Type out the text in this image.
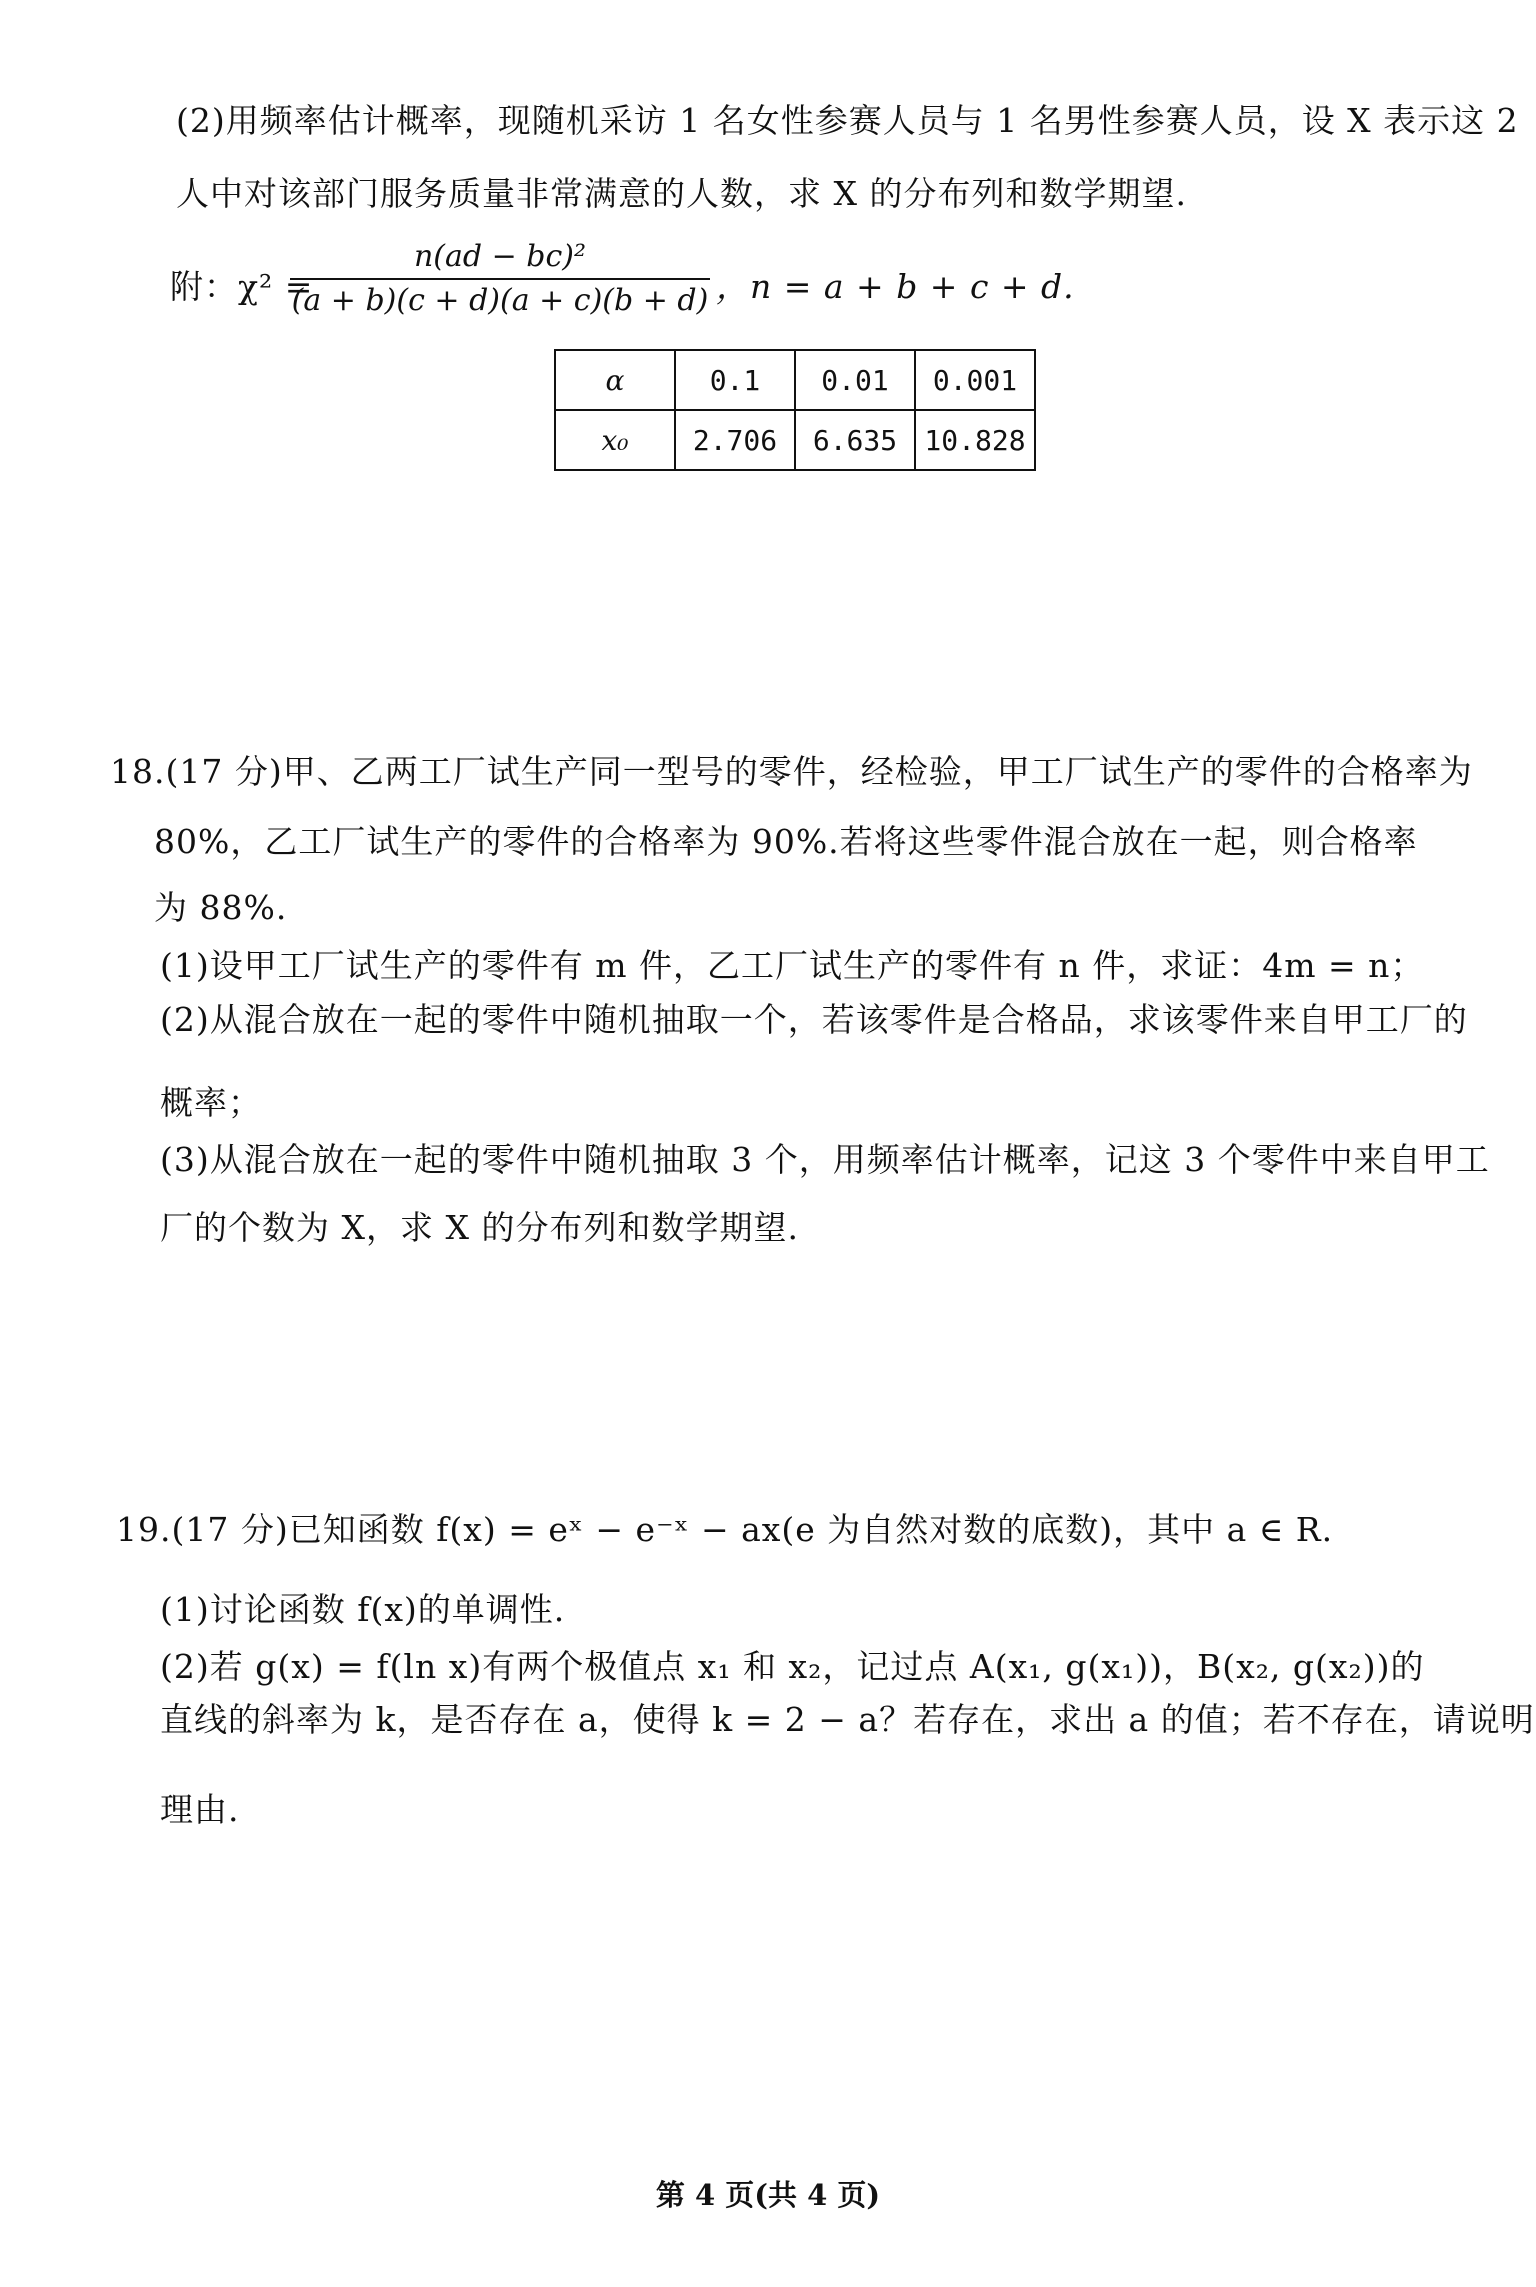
(2)用频率估计概率，现随机采访 1 名女性参赛人员与 1 名男性参赛人员，设 X 表示这 2
人中对该部门服务质量非常满意的人数，求 X 的分布列和数学期望.
附：χ² =
n(ad − bc)²
(a + b)(c + d)(a + c)(b + d) ，n = a + b + c + d.
α	0.1	0.01	0.001
x₀	2.706	6.635	10.828
18.(17 分)甲、乙两工厂试生产同一型号的零件，经检验，甲工厂试生产的零件的合格率为
80%，乙工厂试生产的零件的合格率为 90%.若将这些零件混合放在一起，则合格率
为 88%.
(1)设甲工厂试生产的零件有 m 件，乙工厂试生产的零件有 n 件，求证：4m = n；
(2)从混合放在一起的零件中随机抽取一个，若该零件是合格品，求该零件来自甲工厂的
概率；
(3)从混合放在一起的零件中随机抽取 3 个，用频率估计概率，记这 3 个零件中来自甲工
厂的个数为 X，求 X 的分布列和数学期望.
19.(17 分)已知函数 f(x) = eˣ − e⁻ˣ − ax(e 为自然对数的底数)，其中 a ∈ R.
(1)讨论函数 f(x)的单调性.
(2)若 g(x) = f(ln x)有两个极值点 x₁ 和 x₂，记过点 A(x₁, g(x₁))，B(x₂, g(x₂))的
直线的斜率为 k，是否存在 a，使得 k = 2 − a？若存在，求出 a 的值；若不存在，请说明
理由.
第 4 页(共 4 页)
